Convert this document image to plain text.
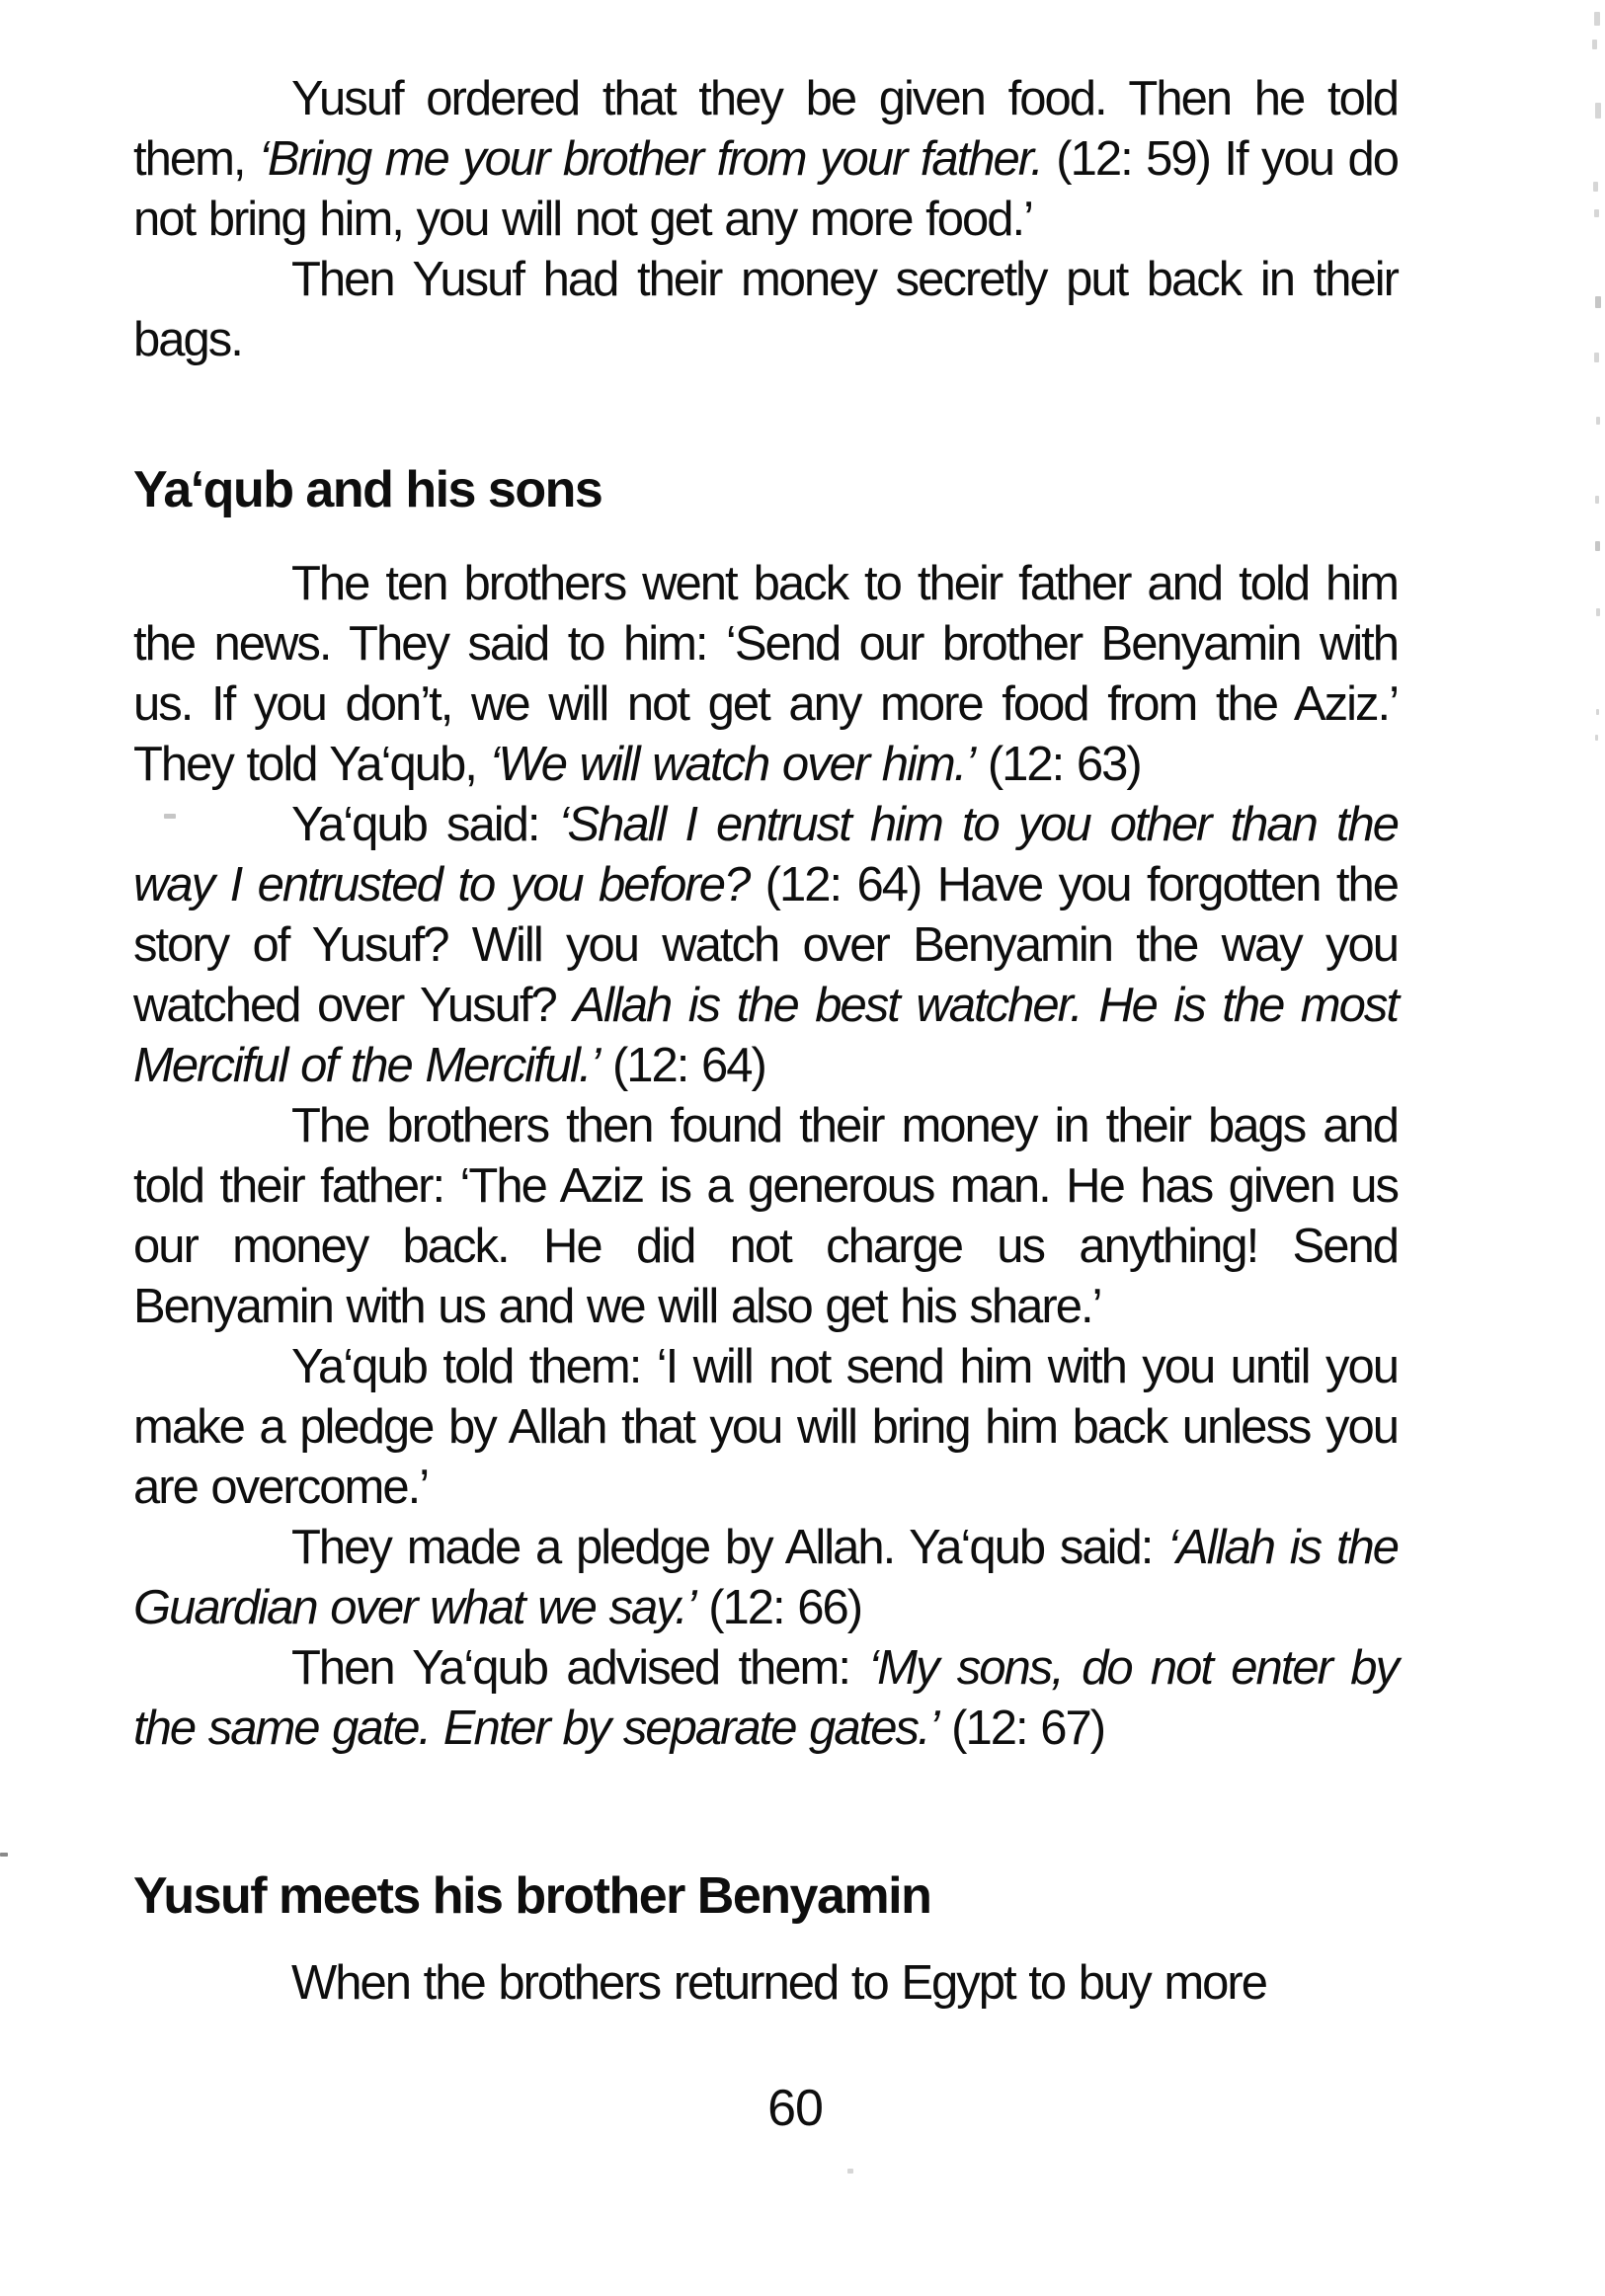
Yusuf ordered that they be given food. Then he told them, ‘Bring me your brother from your father. (12: 59) If you do not bring him, you will not get any more food.’

Then Yusuf had their money secretly put back in their bags.

Ya‘qub and his sons

The ten brothers went back to their father and told him the news. They said to him: ‘Send our brother Benyamin with us. If you don’t, we will not get any more food from the Aziz.’ They told Ya‘qub, ‘We will watch over him.’ (12: 63)

Ya‘qub said: ‘Shall I entrust him to you other than the way I entrusted to you before? (12: 64) Have you forgotten the story of Yusuf? Will you watch over Benyamin the way you watched over Yusuf? Allah is the best watcher. He is the most Merciful of the Merciful.’ (12: 64)

The brothers then found their money in their bags and told their father: ‘The Aziz is a generous man. He has given us our money back. He did not charge us anything! Send Benyamin with us and we will also get his share.’

Ya‘qub told them: ‘I will not send him with you until you make a pledge by Allah that you will bring him back unless you are overcome.’

They made a pledge by Allah. Ya‘qub said: ‘Allah is the Guardian over what we say.’ (12: 66)

Then Ya‘qub advised them: ‘My sons, do not enter by the same gate. Enter by separate gates.’ (12: 67)

Yusuf meets his brother Benyamin

When the brothers returned to Egypt to buy more

60
